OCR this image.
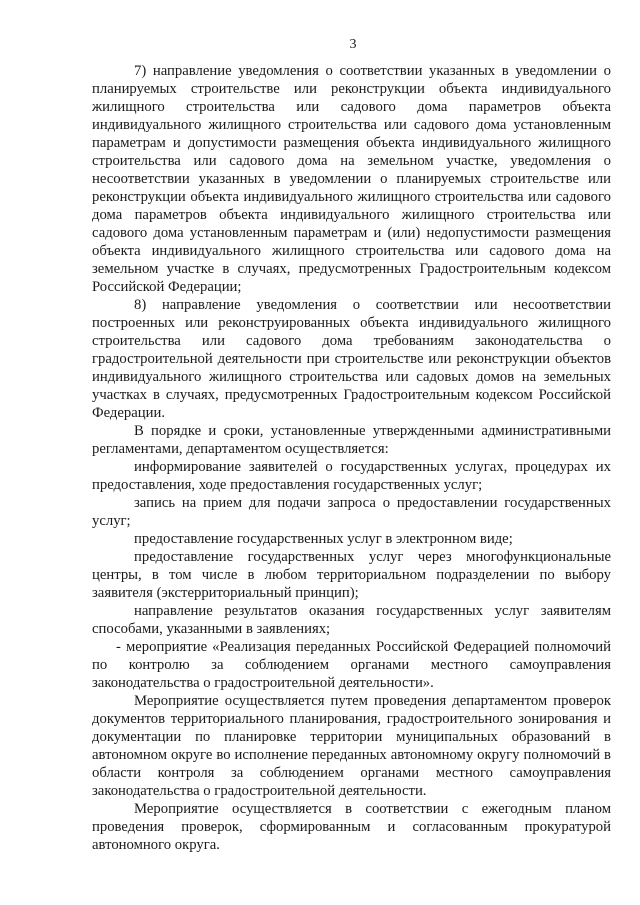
3

7) направление уведомления о соответствии указанных в уведомлении о планируемых строительстве или реконструкции объекта индивидуального жилищного строительства или садового дома параметров объекта индивидуального жилищного строительства или садового дома установленным параметрам и допустимости размещения объекта индивидуального жилищного строительства или садового дома на земельном участке, уведомления о несоответствии указанных в уведомлении о планируемых строительстве или реконструкции объекта индивидуального жилищного строительства или садового дома параметров объекта индивидуального жилищного строительства или садового дома установленным параметрам и (или) недопустимости размещения объекта индивидуального жилищного строительства или садового дома на земельном участке в случаях, предусмотренных Градостроительным кодексом Российской Федерации;

8) направление уведомления о соответствии или несоответствии построенных или реконструированных объекта индивидуального жилищного строительства или садового дома требованиям законодательства о градостроительной деятельности при строительстве или реконструкции объектов индивидуального жилищного строительства или садовых домов на земельных участках в случаях, предусмотренных Градостроительным кодексом Российской Федерации.

В порядке и сроки, установленные утвержденными административными регламентами, департаментом осуществляется:

информирование заявителей о государственных услугах, процедурах их предоставления, ходе предоставления государственных услуг;

запись на прием для подачи запроса о предоставлении государственных услуг;

предоставление государственных услуг в электронном виде;

предоставление государственных услуг через многофункциональные центры, в том числе в любом территориальном подразделении по выбору заявителя (экстерриториальный принцип);

направление результатов оказания государственных услуг заявителям способами, указанными в заявлениях;

- мероприятие «Реализация переданных Российской Федерацией полномочий по контролю за соблюдением органами местного самоуправления законодательства о градостроительной деятельности».

Мероприятие осуществляется путем проведения департаментом проверок документов территориального планирования, градостроительного зонирования и документации по планировке территории муниципальных образований в автономном округе во исполнение переданных автономному округу полномочий в области контроля за соблюдением органами местного самоуправления законодательства о градостроительной деятельности.

Мероприятие осуществляется в соответствии с ежегодным планом проведения проверок, сформированным и согласованным прокуратурой автономного округа.
